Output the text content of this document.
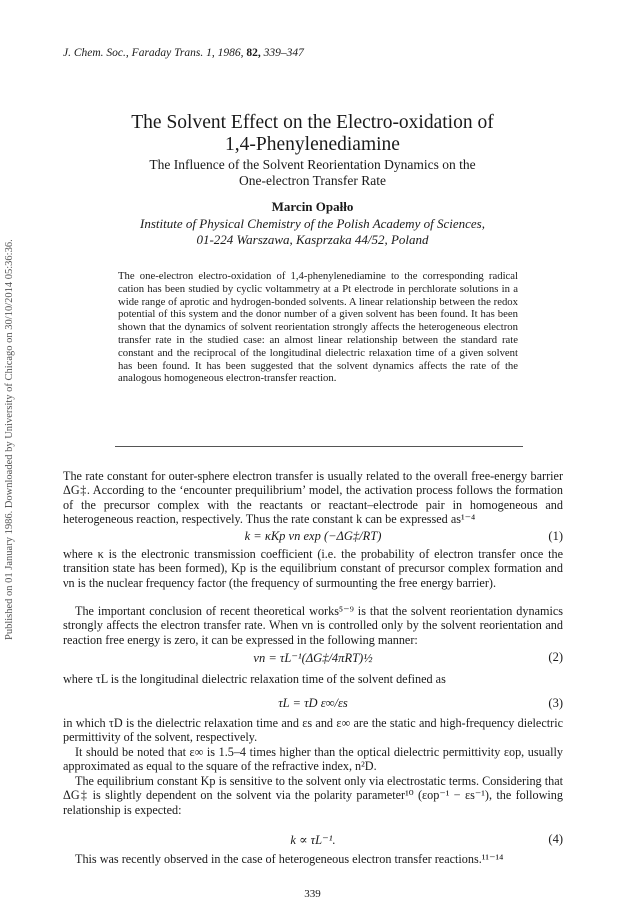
Published on 01 January 1986. Downloaded by University of Chicago on 30/10/2014 05:36:36.
J. Chem. Soc., Faraday Trans. 1, 1986, 82, 339–347
The Solvent Effect on the Electro-oxidation of
1,4-Phenylenediamine
The Influence of the Solvent Reorientation Dynamics on the
One-electron Transfer Rate
Marcin Opałło
Institute of Physical Chemistry of the Polish Academy of Sciences,
01-224 Warszawa, Kasprzaka 44/52, Poland
The one-electron electro-oxidation of 1,4-phenylenediamine to the corresponding radical cation has been studied by cyclic voltammetry at a Pt electrode in perchlorate solutions in a wide range of aprotic and hydrogen-bonded solvents. A linear relationship between the redox potential of this system and the donor number of a given solvent has been found. It has been shown that the dynamics of solvent reorientation strongly affects the heterogeneous electron transfer rate in the studied case: an almost linear relationship between the standard rate constant and the reciprocal of the longitudinal dielectric relaxation time of a given solvent has been found. It has been suggested that the solvent dynamics affects the rate of the analogous homogeneous electron-transfer reaction.
The rate constant for outer-sphere electron transfer is usually related to the overall free-energy barrier ΔG‡. According to the ‘encounter prequilibrium’ model, the activation process follows the formation of the precursor complex with the reactants or reactant–electrode pair in homogeneous and heterogeneous reaction, respectively. Thus the rate constant k can be expressed as¹⁻⁴
k = κKp νn exp (−ΔG‡/RT)	(1)
where κ is the electronic transmission coefficient (i.e. the probability of electron transfer once the transition state has been formed), Kp is the equilibrium constant of precursor complex formation and νn is the nuclear frequency factor (the frequency of surmounting the free energy barrier).
The important conclusion of recent theoretical works⁵⁻⁹ is that the solvent reorientation dynamics strongly affects the electron transfer rate. When νn is controlled only by the solvent reorientation and reaction free energy is zero, it can be expressed in the following manner:
νn = τL⁻¹(ΔG‡/4πRT)½	(2)
where τL is the longitudinal dielectric relaxation time of the solvent defined as
τL = τD ε∞/εs	(3)
in which τD is the dielectric relaxation time and εs and ε∞ are the static and high-frequency dielectric permittivity of the solvent, respectively.
It should be noted that ε∞ is 1.5–4 times higher than the optical dielectric permittivity εop, usually approximated as equal to the square of the refractive index, n²D.
The equilibrium constant Kp is sensitive to the solvent only via electrostatic terms. Considering that ΔG‡ is slightly dependent on the solvent via the polarity parameter¹⁰ (εop⁻¹ − εs⁻¹), the following relationship is expected:
k ∝ τL⁻¹.	(4)
This was recently observed in the case of heterogeneous electron transfer reactions.¹¹⁻¹⁴
339
